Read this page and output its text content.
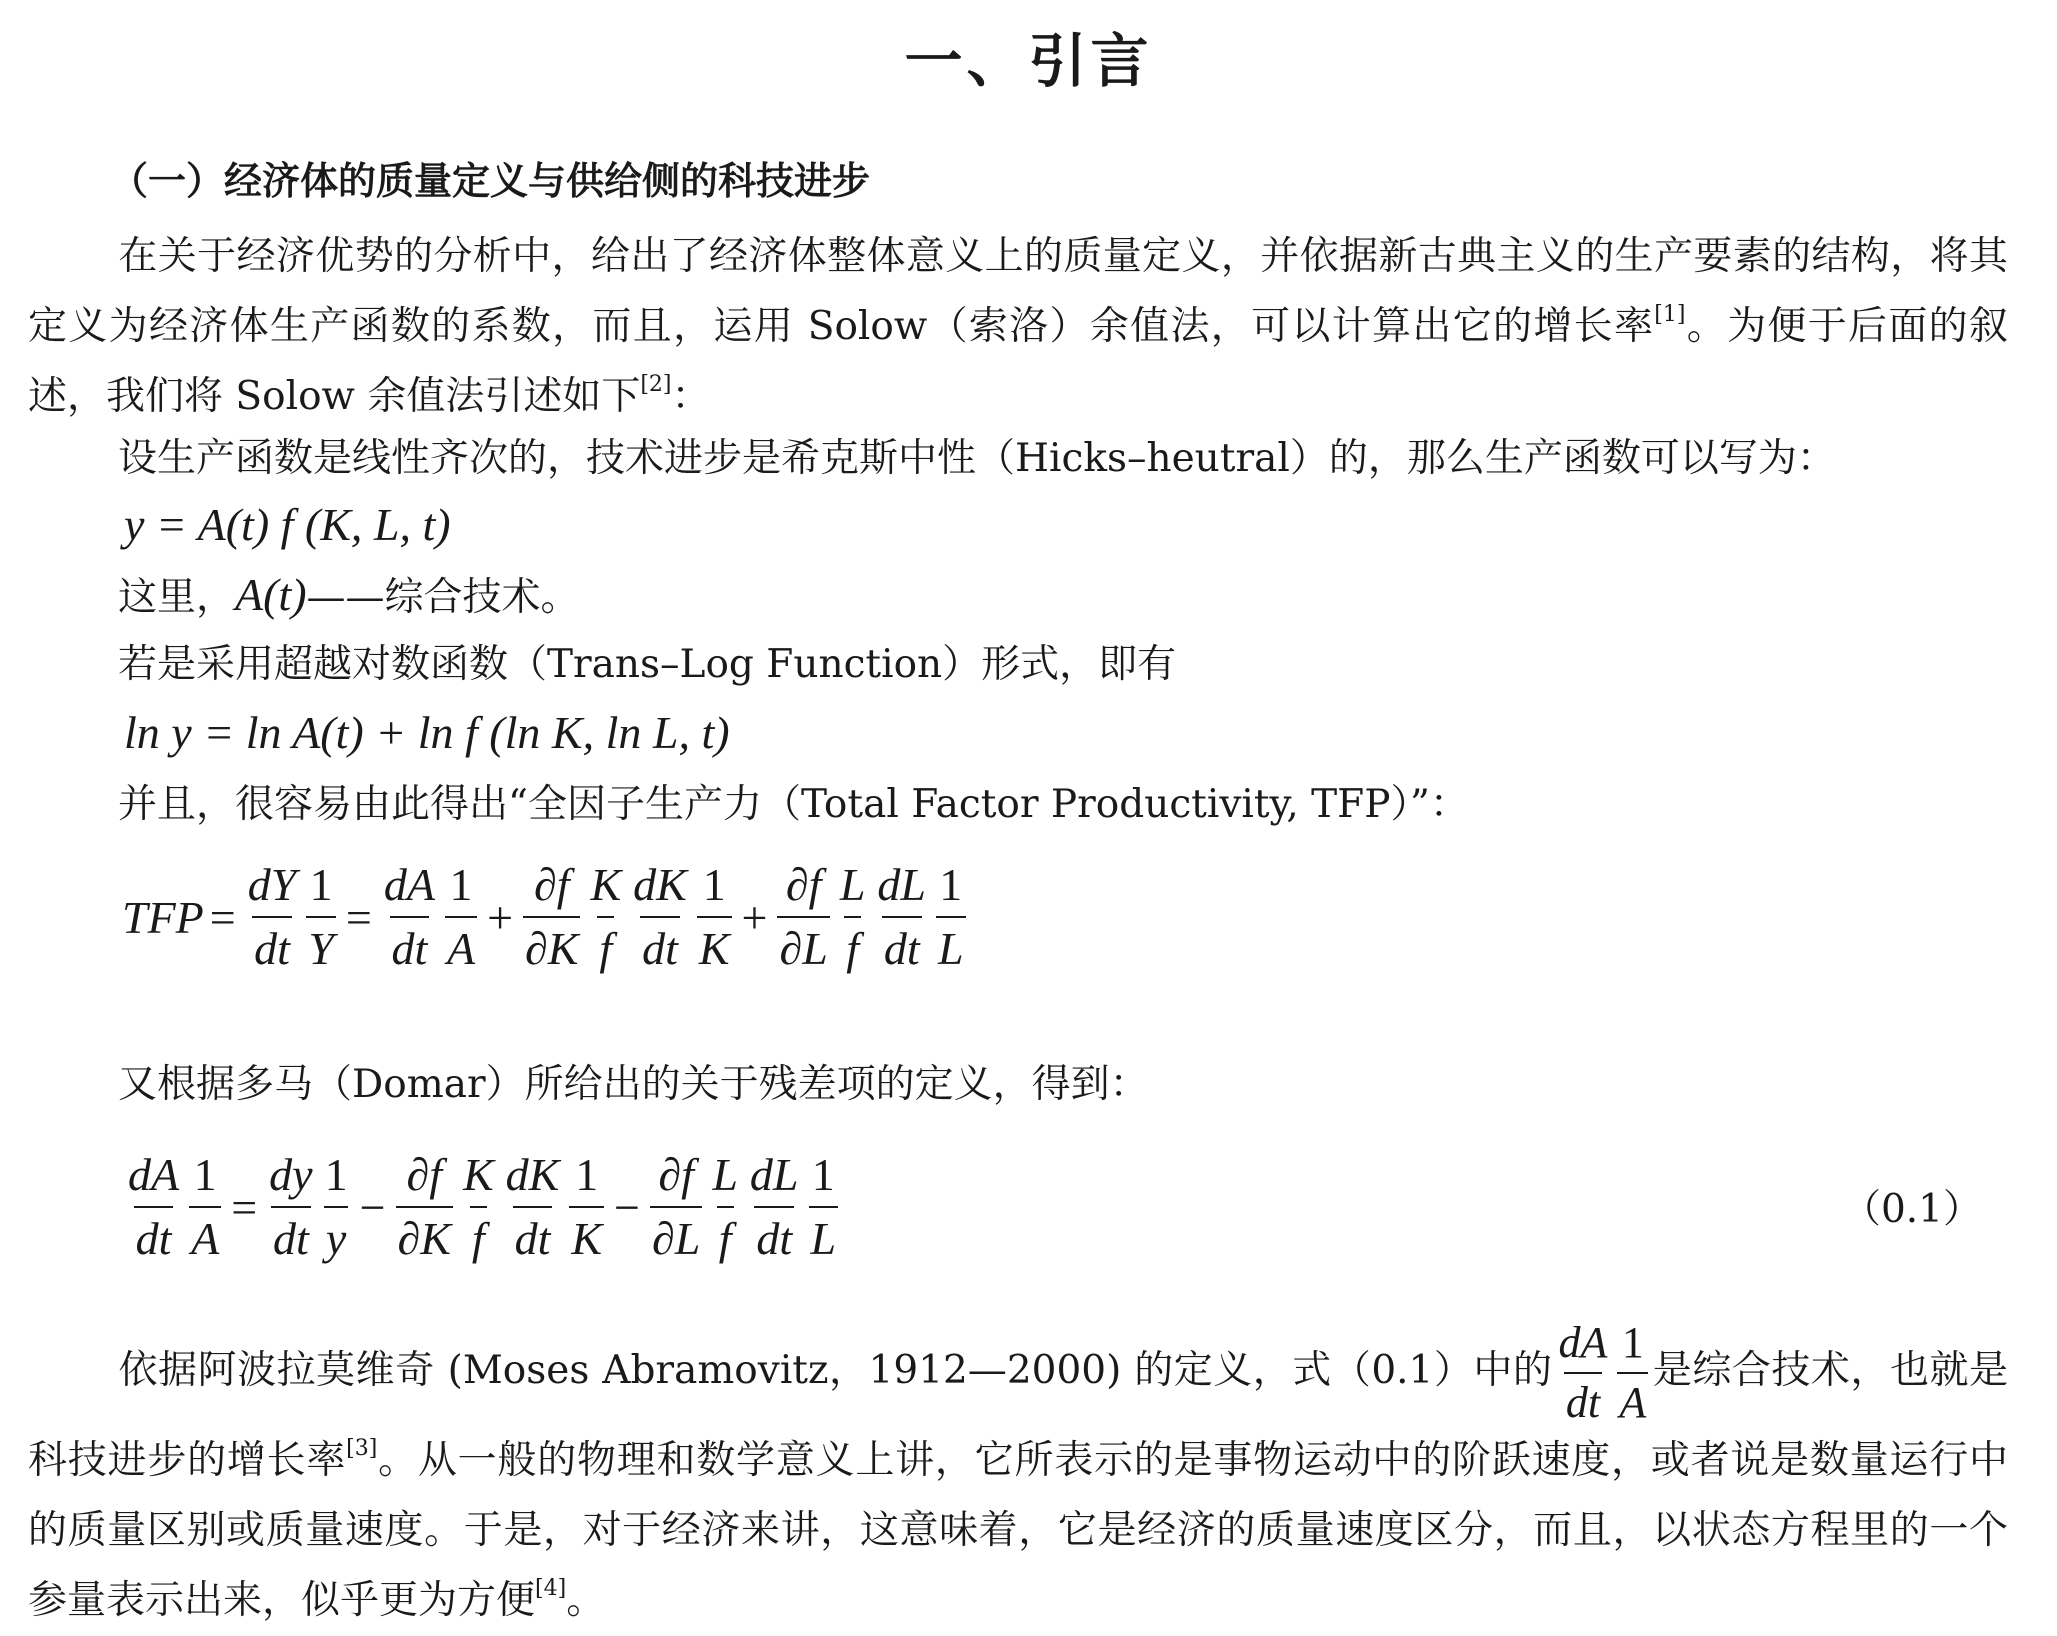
一、引言
（一）经济体的质量定义与供给侧的科技进步

在关于经济优势的分析中，给出了经济体整体意义上的质量定义，并依据新古典主义的生产要素的结构，将其定义为经济体生产函数的系数，而且，运用 Solow（索洛）余值法，可以计算出它的增长率[1]。为便于后面的叙述，我们将 Solow 余值法引述如下[2]：

设生产函数是线性齐次的，技术进步是希克斯中性（Hicks–heutral）的，那么生产函数可以写为：

y = A(t) f (K, L, t)

这里，A(t)——综合技术。

若是采用超越对数函数（Trans–Log Function）形式，即有

ln y = ln A(t) + ln f (ln K, ln L, t)

并且，很容易由此得出“全因子生产力（Total Factor Productivity, TFP）”：

TFP = $\frac{dY}{dt} \frac{1}{Y} = \frac{dA}{dt} \frac{1}{A} + \frac{\partial f}{\partial K} \frac{K}{f} \frac{dK}{dt} \frac{1}{K} + \frac{\partial f}{\partial L} \frac{L}{f} \frac{dL}{dt} \frac{1}{L}$

又根据多马（Domar）所给出的关于残差项的定义，得到：

$\frac{dA}{dt} \frac{1}{A} = \frac{dy}{dt} \frac{1}{y} - \frac{\partial f}{\partial K} \frac{K}{f} \frac{dK}{dt} \frac{1}{K} - \frac{\partial f}{\partial L} \frac{L}{f} \frac{dL}{dt} \frac{1}{L}$	（0.1）

依据阿波拉莫维奇 (Moses Abramovitz，1912—2000) 的定义，式（0.1）中的 $\frac{dA}{dt} \frac{1}{A}$ 是综合技术，也就是科技进步的增长率[3]。从一般的物理和数学意义上讲，它所表示的是事物运动中的阶跃速度，或者说是数量运行中的质量区别或质量速度。于是，对于经济来讲，这意味着，它是经济的质量速度区分，而且，以状态方程里的一个参量表示出来，似乎更为方便[4]。
